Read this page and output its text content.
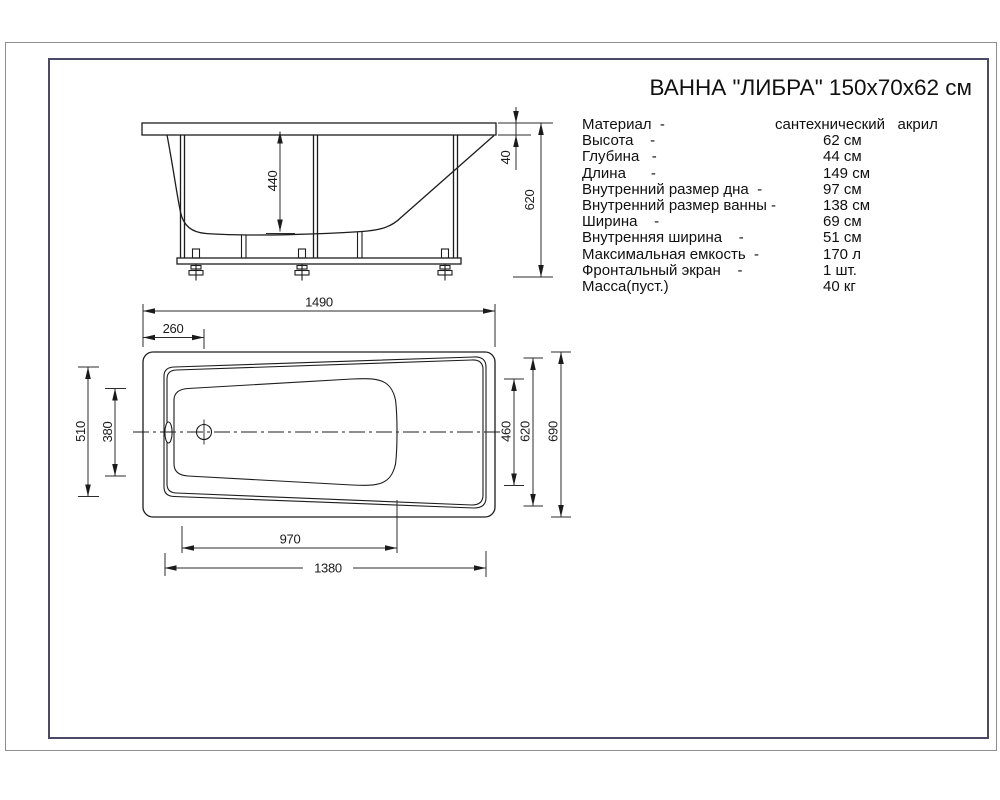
ВАННА "ЛИБРА" 150x70x62 см
Материал  -	сантехнический   акрил
Высота    -	62 см
Глубина   -	44 см
Длина      -	149 см
Внутренний размер дна  -	97 см
Внутренний размер ванны -	138 см
Ширина    -	69 см
Внутренняя ширина    -	51 см
Максимальная емкость  -	170 л
Фронтальный экран    -	1 шт.
Масса(пуст.)	40 кг
440
40
620
1490
260
510 380	460 620 690
970
1380
